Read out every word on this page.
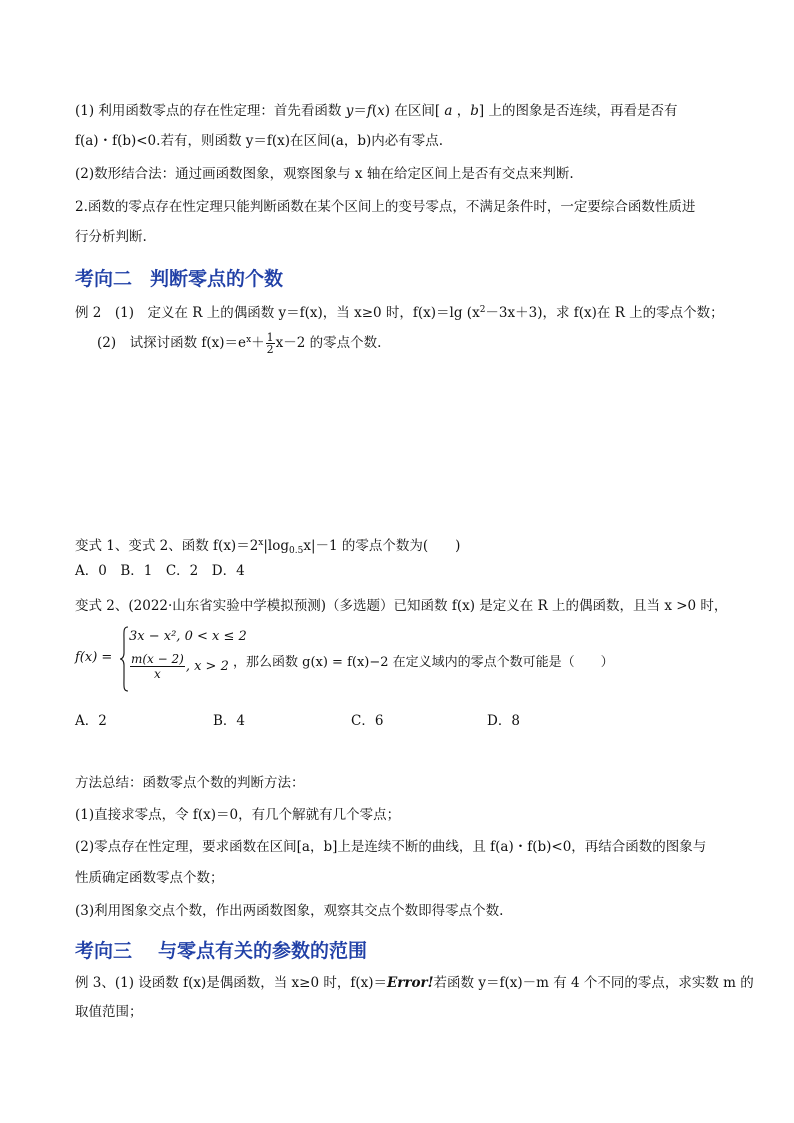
(1) 利用函数零点的存在性定理：首先看函数 y＝f(x) 在区间[ a ，b] 上的图象是否连续，再看是否有
f(a)・f(b)<0.若有，则函数 y＝f(x)在区间(a，b)内必有零点.
(2)数形结合法：通过画函数图象，观察图象与 x 轴在给定区间上是否有交点来判断.
2.函数的零点存在性定理只能判断函数在某个区间上的变号零点，不满足条件时，一定要综合函数性质进
行分析判断.
考向二 判断零点的个数
例 2　(1)　定义在 R 上的偶函数 y＝f(x)，当 x≥0 时，f(x)＝lg $(x^2-3x+3)$，求 f(x)在 R 上的零点个数；
(2)　试探讨函数 $f(x)=e^x+ \frac{1}{2} x-2$ 的零点个数.
变式 1、变式 2、函数 $f(x)=2^x|\log_{0.5}x|-1$ 的零点个数为(　　)
A．0　B．1　C．2　D．4
变式 2、(2022·山东省实验中学模拟预测)（多选题）已知函数 f(x) 是定义在 R 上的偶函数，且当 x >0 时，
f(x) =
3x − x², 0 < x ≤ 2
$\frac{m(x - 2)}{x}$ , x > 2 ，那么函数 g(x) = f(x)−2 在定义域内的零点个数可能是（　　）
A．2	B．4	C．6	D．8
方法总结：函数零点个数的判断方法：
(1)直接求零点，令 f(x)＝0，有几个解就有几个零点；
(2)零点存在性定理，要求函数在区间[a，b]上是连续不断的曲线，且 f(a)・f(b)<0，再结合函数的图象与
性质确定函数零点个数；
(3)利用图象交点个数，作出两函数图象，观察其交点个数即得零点个数.
考向三 与零点有关的参数的范围
例 3、(1) 设函数 f(x)是偶函数，当 x≥0 时，f(x)＝Error!若函数 y＝f(x)－m 有 4 个不同的零点，求实数 m 的
取值范围；
